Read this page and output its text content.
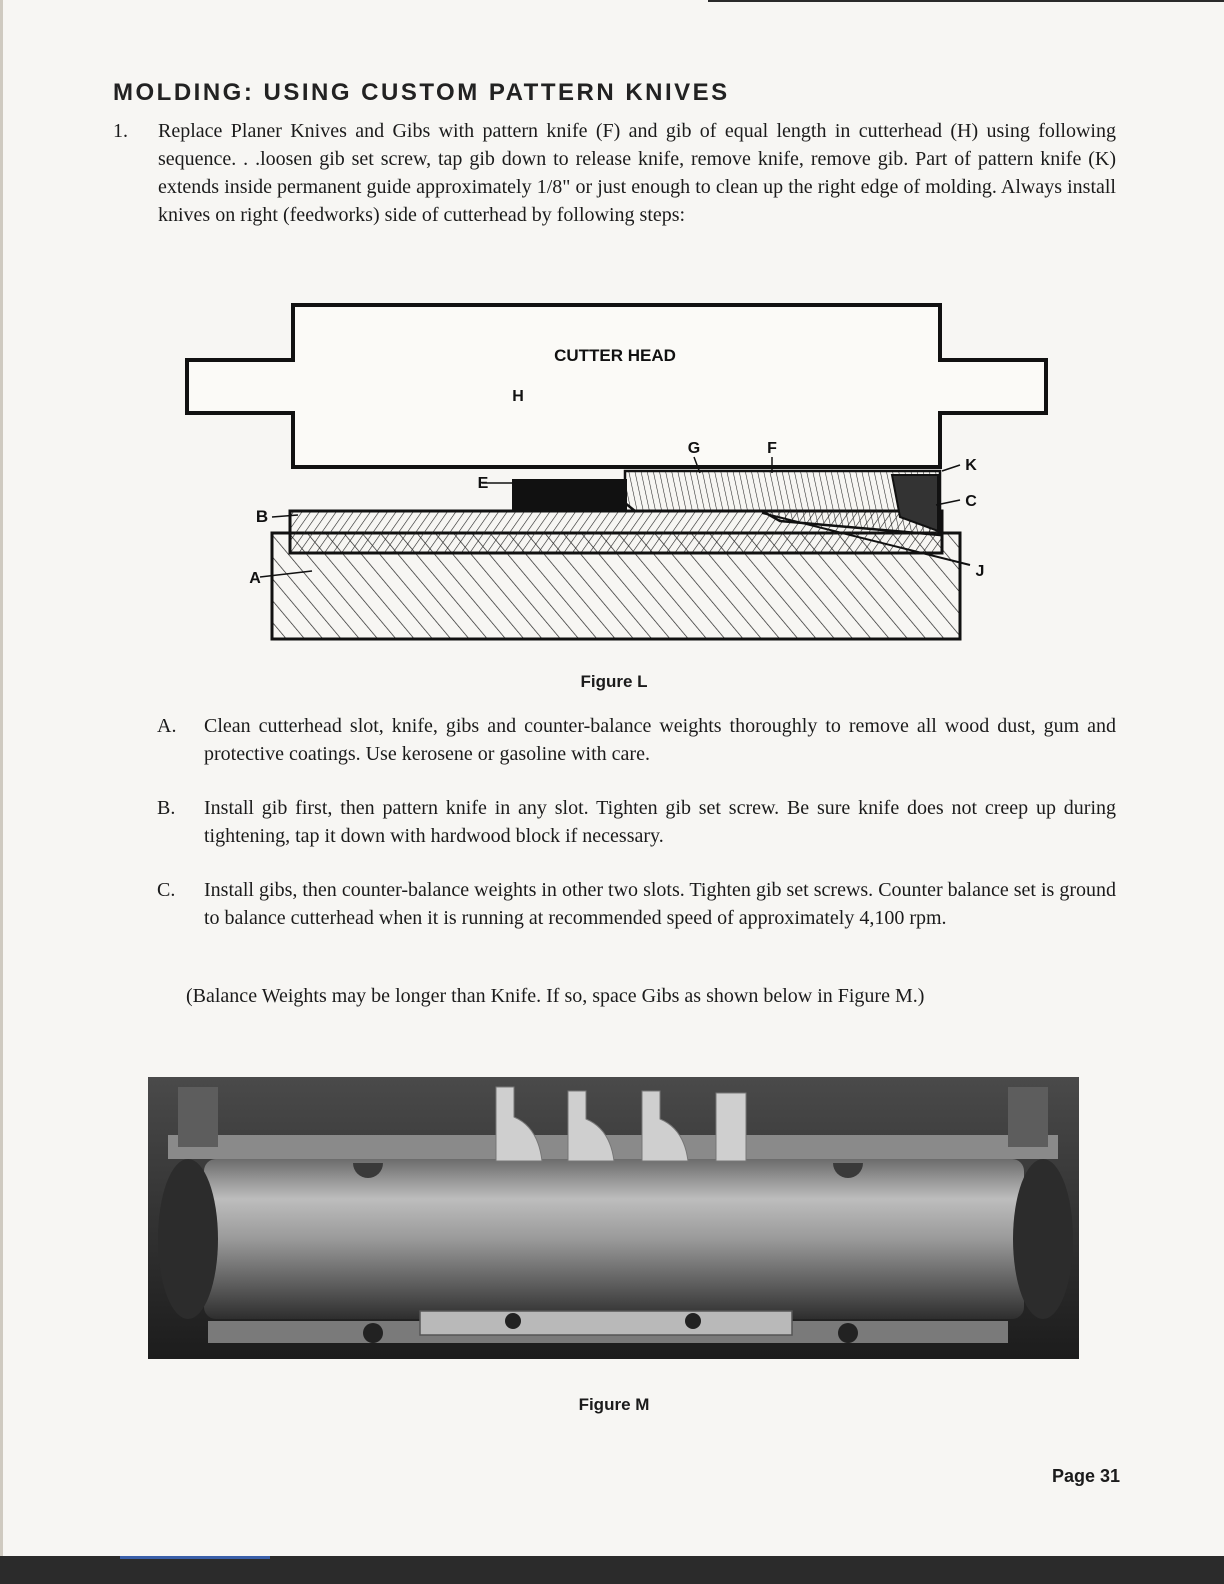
MOLDING: USING CUSTOM PATTERN KNIVES
1. Replace Planer Knives and Gibs with pattern knife (F) and gib of equal length in cutterhead (H) using following sequence. . .loosen gib set screw, tap gib down to release knife, remove knife, remove gib. Part of pattern knife (K) extends inside permanent guide approximately 1/8" or just enough to clean up the right edge of molding. Always install knives on right (feedworks) side of cutterhead by following steps:
CUTTER HEAD
H
G	F
E
K
C
B
A	J
Figure L
A. Clean cutterhead slot, knife, gibs and counter-balance weights thoroughly to remove all wood dust, gum and protective coatings. Use kerosene or gasoline with care.
B. Install gib first, then pattern knife in any slot. Tighten gib set screw. Be sure knife does not creep up during tightening, tap it down with hardwood block if necessary.
C. Install gibs, then counter-balance weights in other two slots. Tighten gib set screws. Counter balance set is ground to balance cutterhead when it is running at recommended speed of approximately 4,100 rpm.
(Balance Weights may be longer than Knife. If so, space Gibs as shown below in Figure M.)
Figure M
Page 31
